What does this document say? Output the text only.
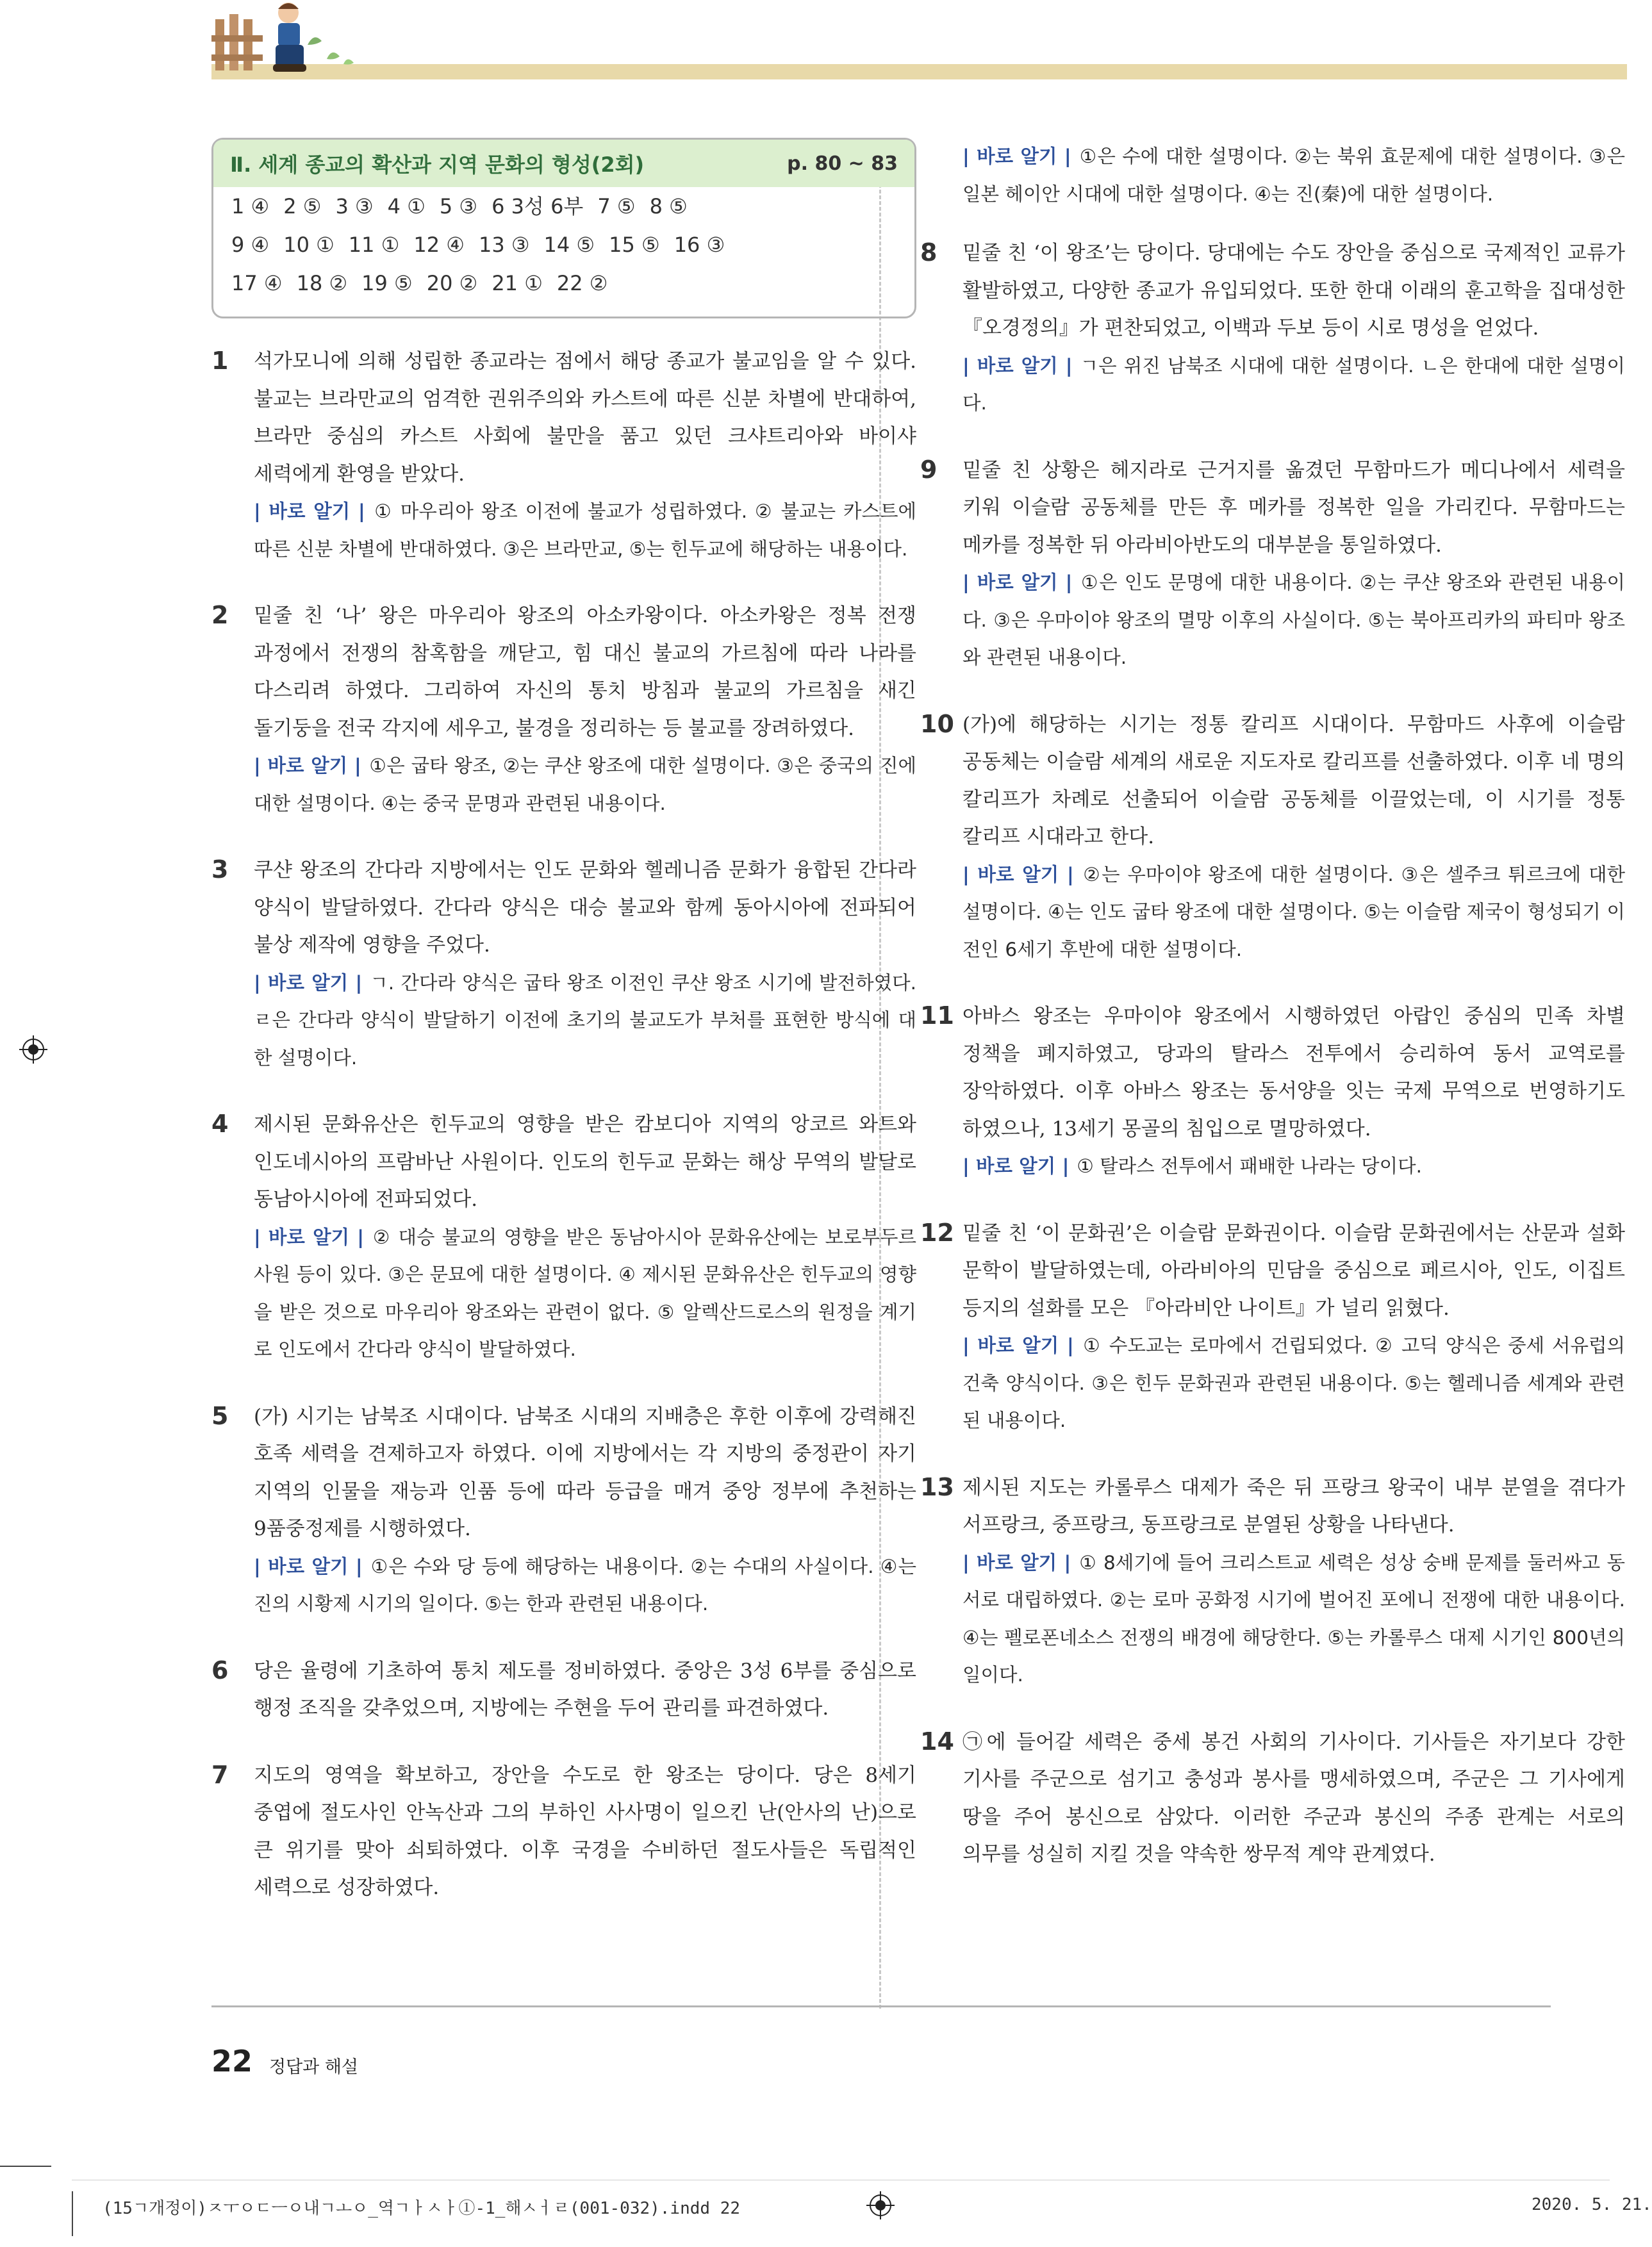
Ⅱ. 세계 종교의 확산과 지역 문화의 형성(2회)	p. 80 ~ 83
1 ④ 2 ⑤ 3 ③ 4 ① 5 ③ 6 3성 6부 7 ⑤ 8 ⑤
9 ④ 10 ① 11 ① 12 ④ 13 ③ 14 ⑤ 15 ⑤ 16 ③
17 ④ 18 ② 19 ⑤ 20 ② 21 ① 22 ②
1 석가모니에 의해 성립한 종교라는 점에서 해당 종교가 불교임을 알 수 있다. 불교는 브라만교의 엄격한 권위주의와 카스트에 따른 신분 차별에 반대하여, 브라만 중심의 카스트 사회에 불만을 품고 있던 크샤트리아와 바이샤 세력에게 환영을 받았다.
| 바로 알기 | ① 마우리아 왕조 이전에 불교가 성립하였다. ② 불교는 카스트에 따른 신분 차별에 반대하였다. ③은 브라만교, ⑤는 힌두교에 해당하는 내용이다.
2 밑줄 친 ‘나’ 왕은 마우리아 왕조의 아소카왕이다. 아소카왕은 정복 전쟁 과정에서 전쟁의 참혹함을 깨닫고, 힘 대신 불교의 가르침에 따라 나라를 다스리려 하였다. 그리하여 자신의 통치 방침과 불교의 가르침을 새긴 돌기둥을 전국 각지에 세우고, 불경을 정리하는 등 불교를 장려하였다.
| 바로 알기 | ①은 굽타 왕조, ②는 쿠샨 왕조에 대한 설명이다. ③은 중국의 진에 대한 설명이다. ④는 중국 문명과 관련된 내용이다.
3 쿠샨 왕조의 간다라 지방에서는 인도 문화와 헬레니즘 문화가 융합된 간다라 양식이 발달하였다. 간다라 양식은 대승 불교와 함께 동아시아에 전파되어 불상 제작에 영향을 주었다.
| 바로 알기 | ㄱ. 간다라 양식은 굽타 왕조 이전인 쿠샨 왕조 시기에 발전하였다. ㄹ은 간다라 양식이 발달하기 이전에 초기의 불교도가 부처를 표현한 방식에 대한 설명이다.
4 제시된 문화유산은 힌두교의 영향을 받은 캄보디아 지역의 앙코르 와트와 인도네시아의 프람바난 사원이다. 인도의 힌두교 문화는 해상 무역의 발달로 동남아시아에 전파되었다.
| 바로 알기 | ② 대승 불교의 영향을 받은 동남아시아 문화유산에는 보로부두르 사원 등이 있다. ③은 문묘에 대한 설명이다. ④ 제시된 문화유산은 힌두교의 영향을 받은 것으로 마우리아 왕조와는 관련이 없다. ⑤ 알렉산드로스의 원정을 계기로 인도에서 간다라 양식이 발달하였다.
5 (가) 시기는 남북조 시대이다. 남북조 시대의 지배층은 후한 이후에 강력해진 호족 세력을 견제하고자 하였다. 이에 지방에서는 각 지방의 중정관이 자기 지역의 인물을 재능과 인품 등에 따라 등급을 매겨 중앙 정부에 추천하는 9품중정제를 시행하였다.
| 바로 알기 | ①은 수와 당 등에 해당하는 내용이다. ②는 수대의 사실이다. ④는 진의 시황제 시기의 일이다. ⑤는 한과 관련된 내용이다.
6 당은 율령에 기초하여 통치 제도를 정비하였다. 중앙은 3성 6부를 중심으로 행정 조직을 갖추었으며, 지방에는 주현을 두어 관리를 파견하였다.
7 지도의 영역을 확보하고, 장안을 수도로 한 왕조는 당이다. 당은 8세기 중엽에 절도사인 안녹산과 그의 부하인 사사명이 일으킨 난(안사의 난)으로 큰 위기를 맞아 쇠퇴하였다. 이후 국경을 수비하던 절도사들은 독립적인 세력으로 성장하였다.
| 바로 알기 | ①은 수에 대한 설명이다. ②는 북위 효문제에 대한 설명이다. ③은 일본 헤이안 시대에 대한 설명이다. ④는 진(秦)에 대한 설명이다.
8 밑줄 친 ‘이 왕조’는 당이다. 당대에는 수도 장안을 중심으로 국제적인 교류가 활발하였고, 다양한 종교가 유입되었다. 또한 한대 이래의 훈고학을 집대성한 『오경정의』가 편찬되었고, 이백과 두보 등이 시로 명성을 얻었다.
| 바로 알기 | ㄱ은 위진 남북조 시대에 대한 설명이다. ㄴ은 한대에 대한 설명이다.
9 밑줄 친 상황은 헤지라로 근거지를 옮겼던 무함마드가 메디나에서 세력을 키워 이슬람 공동체를 만든 후 메카를 정복한 일을 가리킨다. 무함마드는 메카를 정복한 뒤 아라비아반도의 대부분을 통일하였다.
| 바로 알기 | ①은 인도 문명에 대한 내용이다. ②는 쿠샨 왕조와 관련된 내용이다. ③은 우마이야 왕조의 멸망 이후의 사실이다. ⑤는 북아프리카의 파티마 왕조와 관련된 내용이다.
10 (가)에 해당하는 시기는 정통 칼리프 시대이다. 무함마드 사후에 이슬람 공동체는 이슬람 세계의 새로운 지도자로 칼리프를 선출하였다. 이후 네 명의 칼리프가 차례로 선출되어 이슬람 공동체를 이끌었는데, 이 시기를 정통 칼리프 시대라고 한다.
| 바로 알기 | ②는 우마이야 왕조에 대한 설명이다. ③은 셀주크 튀르크에 대한 설명이다. ④는 인도 굽타 왕조에 대한 설명이다. ⑤는 이슬람 제국이 형성되기 이전인 6세기 후반에 대한 설명이다.
11 아바스 왕조는 우마이야 왕조에서 시행하였던 아랍인 중심의 민족 차별 정책을 폐지하였고, 당과의 탈라스 전투에서 승리하여 동서 교역로를 장악하였다. 이후 아바스 왕조는 동서양을 잇는 국제 무역으로 번영하기도 하였으나, 13세기 몽골의 침입으로 멸망하였다.
| 바로 알기 | ① 탈라스 전투에서 패배한 나라는 당이다.
12 밑줄 친 ‘이 문화권’은 이슬람 문화권이다. 이슬람 문화권에서는 산문과 설화 문학이 발달하였는데, 아라비아의 민담을 중심으로 페르시아, 인도, 이집트 등지의 설화를 모은 『아라비안 나이트』가 널리 읽혔다.
| 바로 알기 | ① 수도교는 로마에서 건립되었다. ② 고딕 양식은 중세 서유럽의 건축 양식이다. ③은 힌두 문화권과 관련된 내용이다. ⑤는 헬레니즘 세계와 관련된 내용이다.
13 제시된 지도는 카롤루스 대제가 죽은 뒤 프랑크 왕국이 내부 분열을 겪다가 서프랑크, 중프랑크, 동프랑크로 분열된 상황을 나타낸다.
| 바로 알기 | ① 8세기에 들어 크리스트교 세력은 성상 숭배 문제를 둘러싸고 동서로 대립하였다. ②는 로마 공화정 시기에 벌어진 포에니 전쟁에 대한 내용이다. ④는 펠로폰네소스 전쟁의 배경에 해당한다. ⑤는 카롤루스 대제 시기인 800년의 일이다.
14 ㉠에 들어갈 세력은 중세 봉건 사회의 기사이다. 기사들은 자기보다 강한 기사를 주군으로 섬기고 충성과 봉사를 맹세하였으며, 주군은 그 기사에게 땅을 주어 봉신으로 삼았다. 이러한 주군과 봉신의 주종 관계는 서로의 의무를 성실히 지킬 것을 약속한 쌍무적 계약 관계였다.
22 정답과 해설
(15ㄱ개정이)ㅈㅜㅇㄷㅡㅇ내ㄱㅗㅇ_역ㄱㅏㅅㅏ①-1_해ㅅㅓㄹ(001-032).indd 22	2020. 5. 21.
